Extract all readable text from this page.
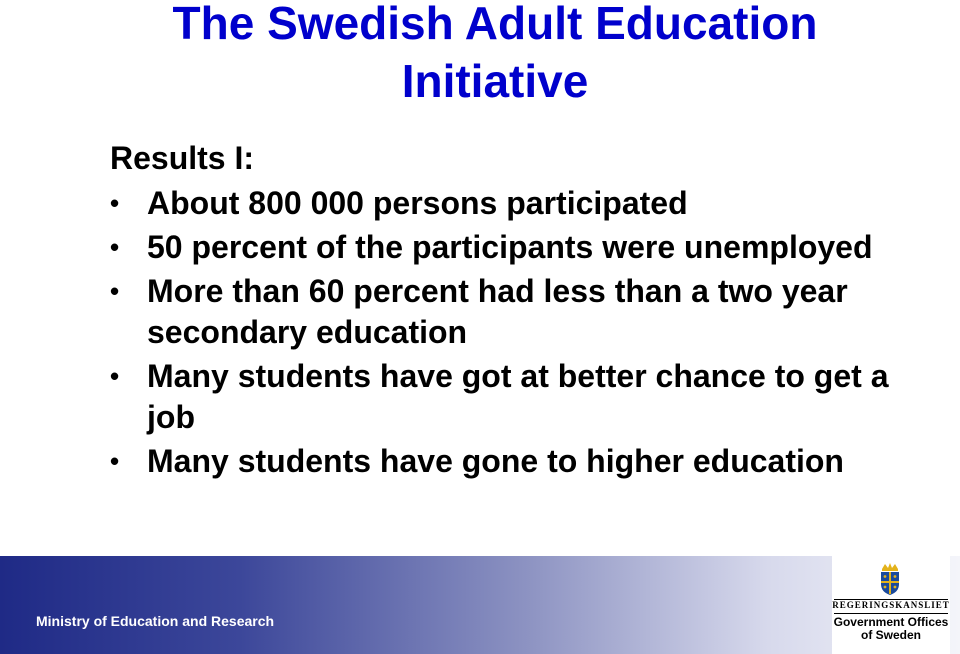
The Swedish Adult Education
Initiative
Results I:
• About 800 000 persons participated
• 50 percent of the participants were unemployed
• More than 60 percent had less than a two year secondary education
• Many students have got at better chance to get a job
• Many students have gone to higher education
Ministry of Education and Research
REGERINGSKANSLIET
Government Offices
of Sweden
